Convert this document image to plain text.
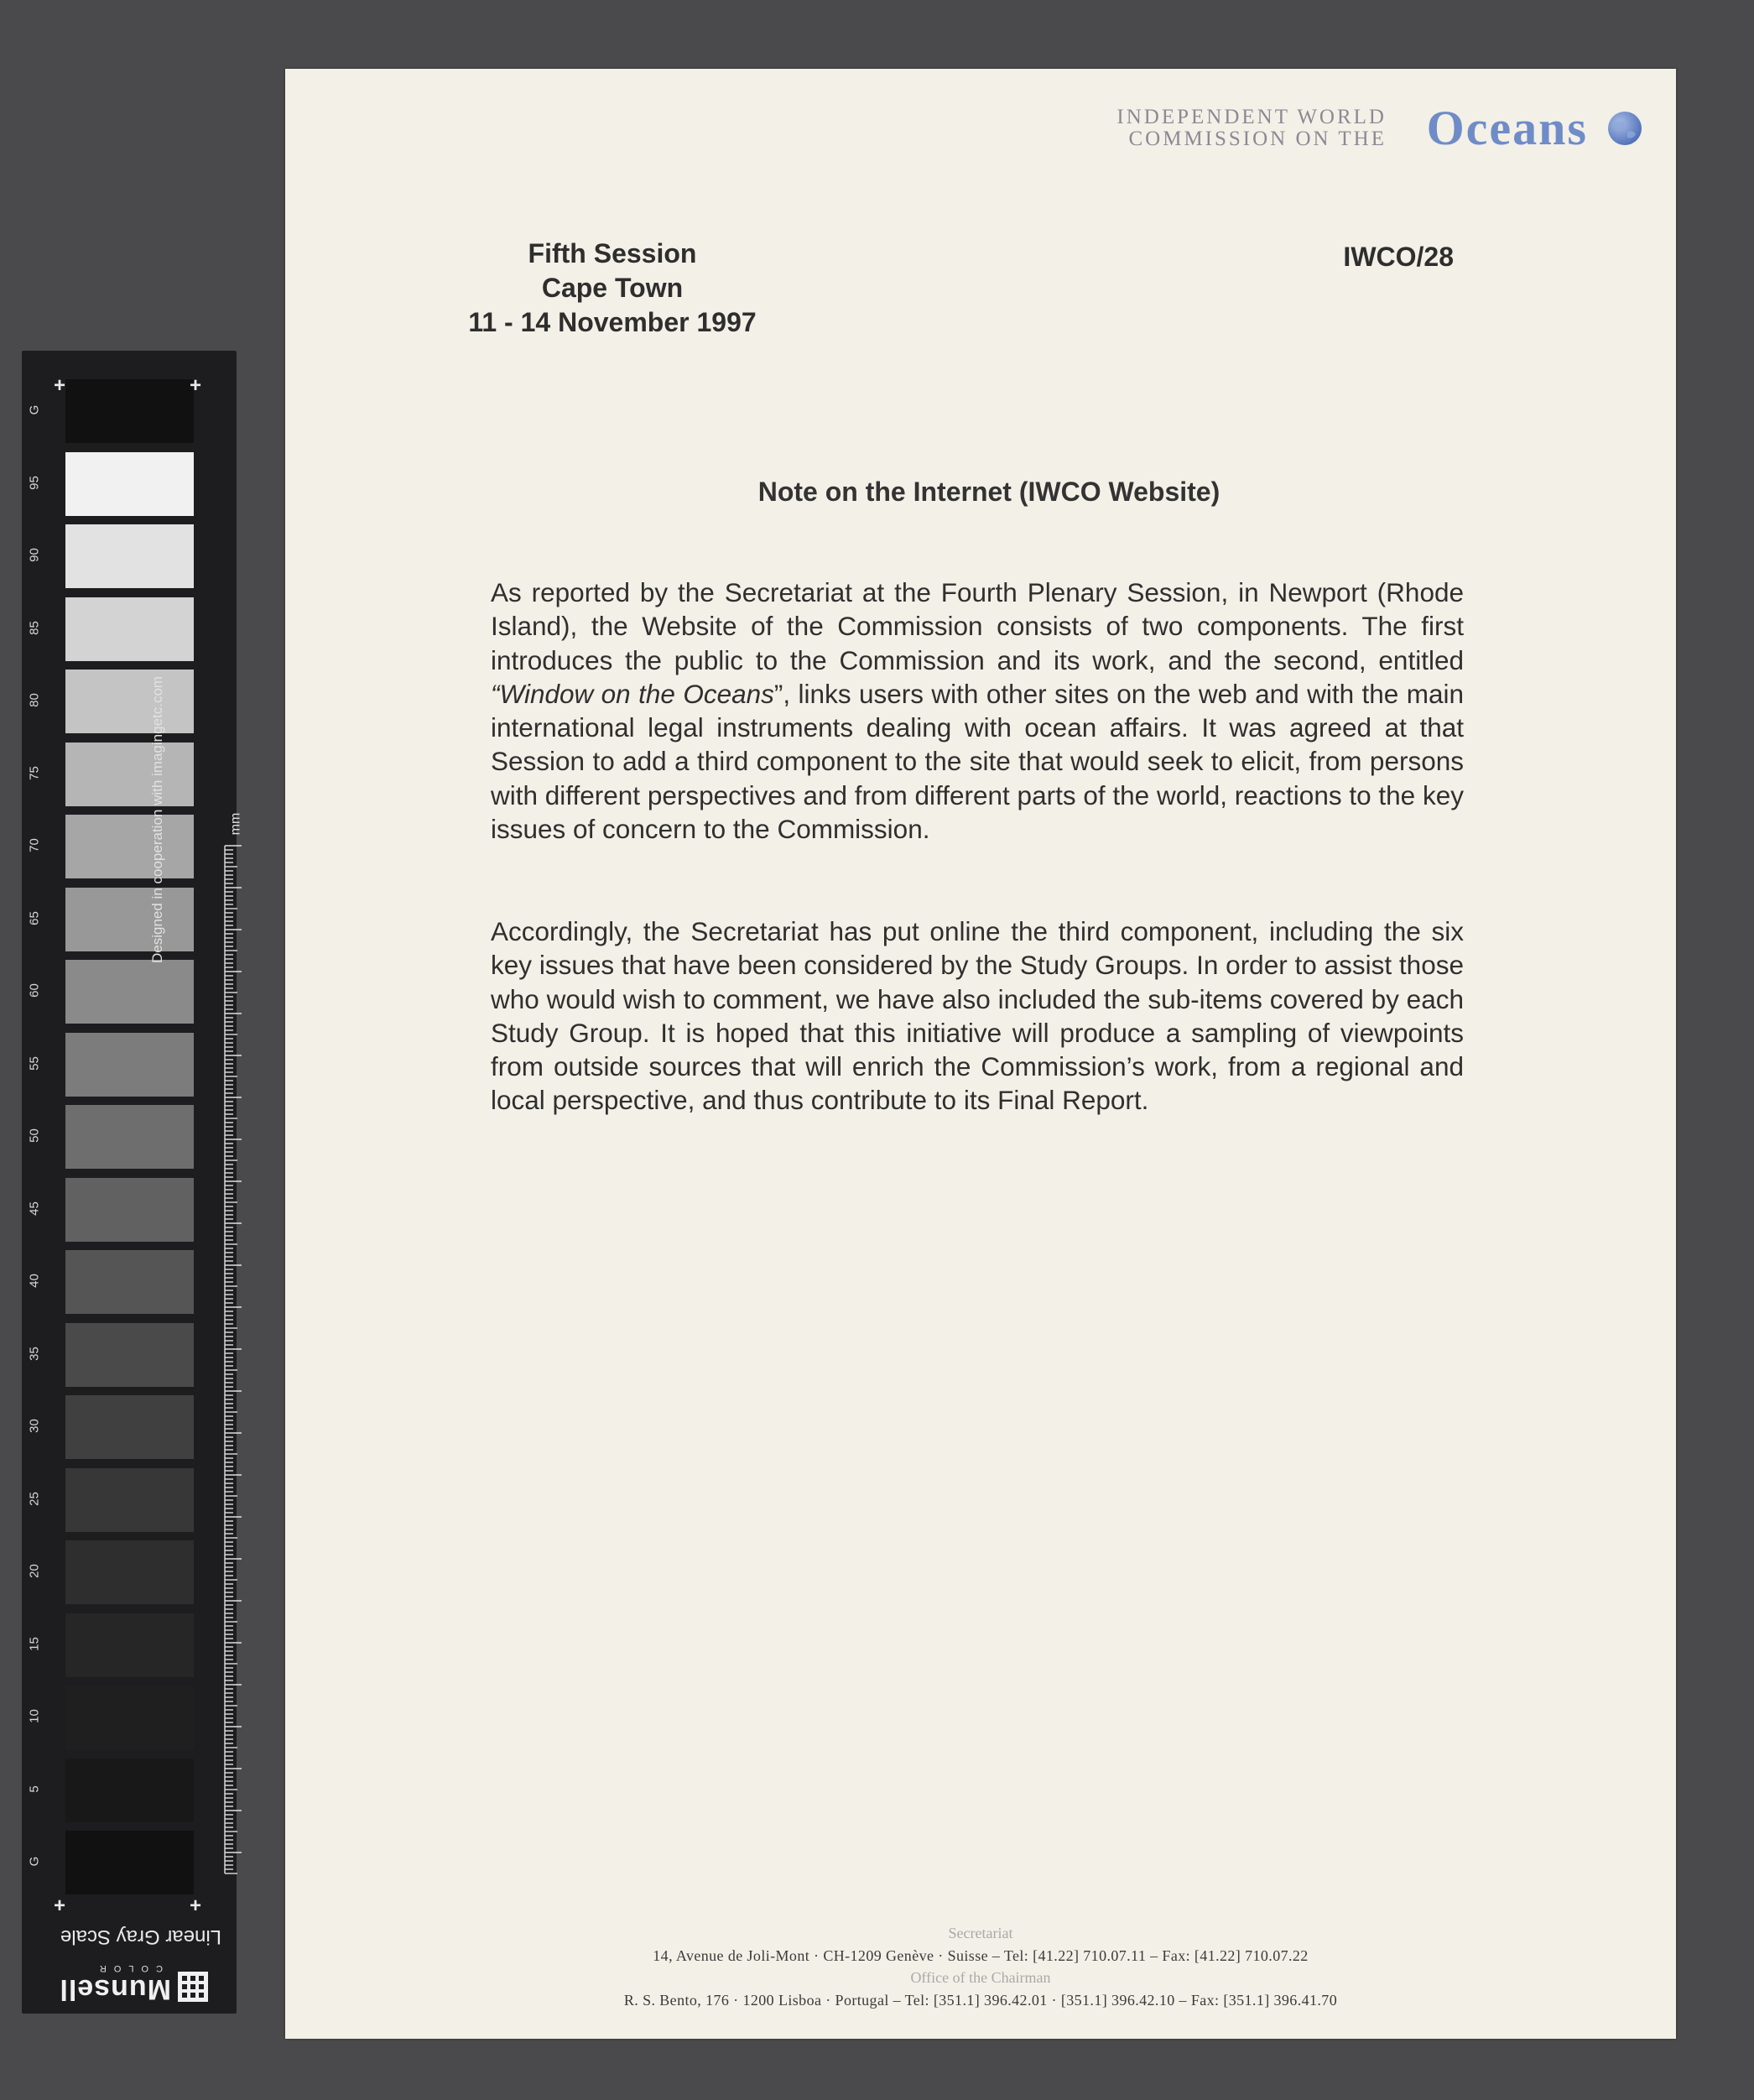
G
95
90
85
80
75
70
65
60
55
50
45
40
35
30
25
20
15
10
5
G
+	+
+	+
Designed in cooperation with imagingetc.com	mm
Linear Gray Scale
Munsell
COLOR
INDEPENDENT WORLD
COMMISSION ON THE Oceans
Fifth Session
Cape Town
11 - 14 November 1997
IWCO/28
Note on the Internet (IWCO Website)
As reported by the Secretariat at the Fourth Plenary Session, in Newport (Rhode Island), the Website of the Commission consists of two components. The first introduces the public to the Commission and its work, and the second, entitled “Window on the Oceans”, links users with other sites on the web and with the main international legal instruments dealing with ocean affairs. It was agreed at that Session to add a third component to the site that would seek to elicit, from persons with different perspectives and from different parts of the world, reactions to the key issues of concern to the Commission.
Accordingly, the Secretariat has put online the third component, including the six key issues that have been considered by the Study Groups. In order to assist those who would wish to comment, we have also included the sub-items covered by each Study Group. It is hoped that this initiative will produce a sampling of viewpoints from outside sources that will enrich the Commission’s work, from a regional and local perspective, and thus contribute to its Final Report.
Secretariat
14, Avenue de Joli-Mont · CH-1209 Genève · Suisse – Tel: [41.22] 710.07.11 – Fax: [41.22] 710.07.22
Office of the Chairman
R. S. Bento, 176 · 1200 Lisboa · Portugal – Tel: [351.1] 396.42.01 · [351.1] 396.42.10 – Fax: [351.1] 396.41.70
